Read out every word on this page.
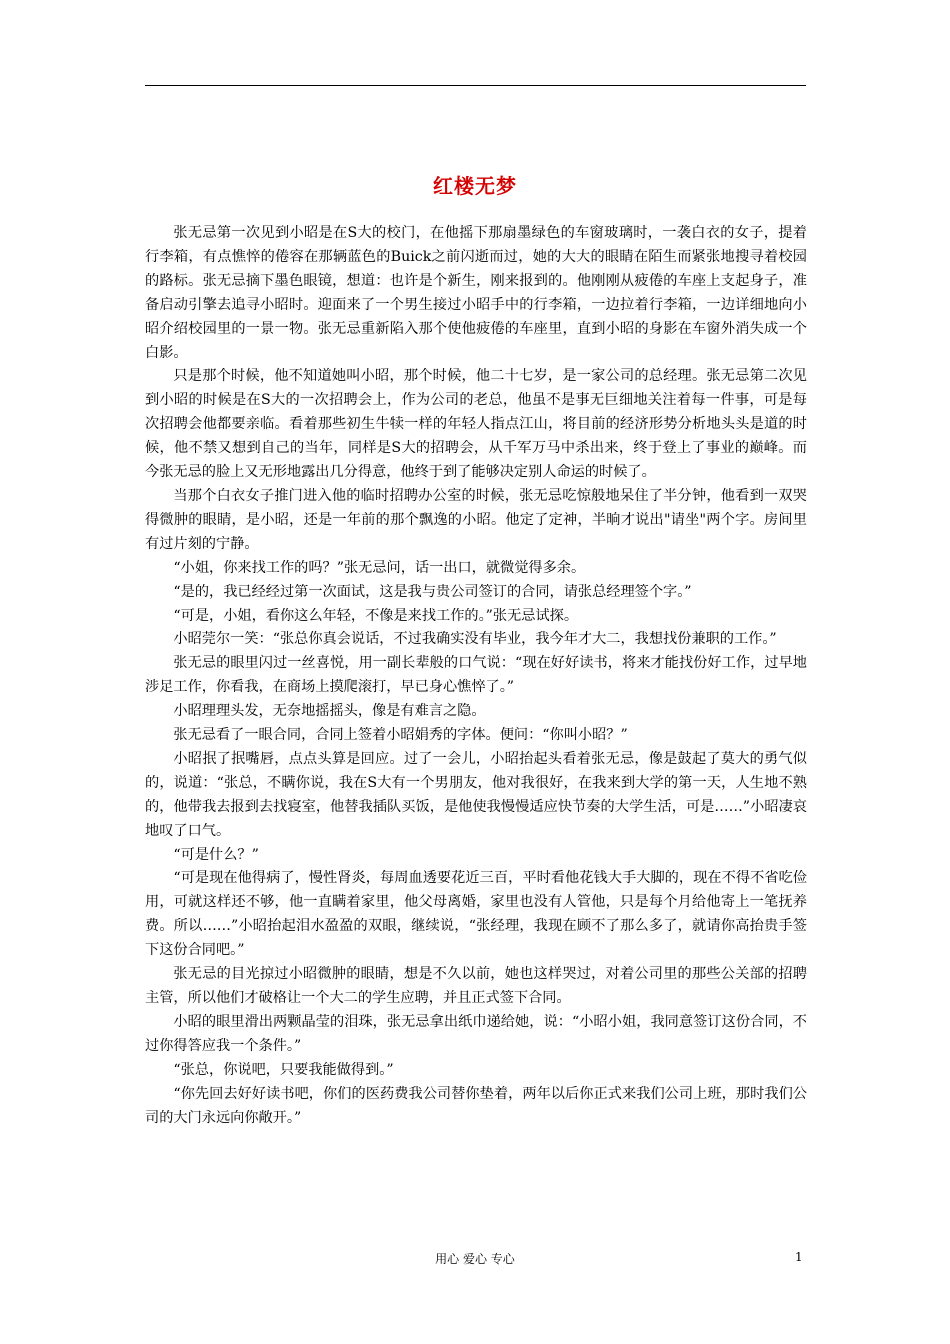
红楼无梦

张无忌第一次见到小昭是在S大的校门，在他摇下那扇墨绿色的车窗玻璃时，一袭白衣的女子，提着行李箱，有点憔悴的倦容在那辆蓝色的Buick之前闪逝而过，她的大大的眼睛在陌生而紧张地搜寻着校园的路标。张无忌摘下墨色眼镜，想道：也许是个新生，刚来报到的。他刚刚从疲倦的车座上支起身子，准备启动引擎去追寻小昭时。迎面来了一个男生接过小昭手中的行李箱，一边拉着行李箱，一边详细地向小昭介绍校园里的一景一物。张无忌重新陷入那个使他疲倦的车座里，直到小昭的身影在车窗外消失成一个白影。

只是那个时候，他不知道她叫小昭，那个时候，他二十七岁，是一家公司的总经理。张无忌第二次见到小昭的时候是在S大的一次招聘会上，作为公司的老总，他虽不是事无巨细地关注着每一件事，可是每次招聘会他都要亲临。看着那些初生牛犊一样的年轻人指点江山，将目前的经济形势分析地头头是道的时候，他不禁又想到自己的当年，同样是S大的招聘会，从千军万马中杀出来，终于登上了事业的巅峰。而今张无忌的脸上又无形地露出几分得意，他终于到了能够决定别人命运的时候了。

当那个白衣女子推门进入他的临时招聘办公室的时候，张无忌吃惊般地呆住了半分钟，他看到一双哭得微肿的眼睛，是小昭，还是一年前的那个飘逸的小昭。他定了定神，半晌才说出"请坐"两个字。房间里有过片刻的宁静。

“小姐，你来找工作的吗？”张无忌问，话一出口，就微觉得多余。

“是的，我已经经过第一次面试，这是我与贵公司签订的合同，请张总经理签个字。”

“可是，小姐，看你这么年轻，不像是来找工作的。”张无忌试探。

小昭莞尔一笑：“张总你真会说话，不过我确实没有毕业，我今年才大二，我想找份兼职的工作。”

张无忌的眼里闪过一丝喜悦，用一副长辈般的口气说：“现在好好读书，将来才能找份好工作，过早地涉足工作，你看我，在商场上摸爬滚打，早已身心憔悴了。”

小昭理理头发，无奈地摇摇头，像是有难言之隐。

张无忌看了一眼合同，合同上签着小昭娟秀的字体。便问：“你叫小昭？”

小昭抿了抿嘴唇，点点头算是回应。过了一会儿，小昭抬起头看着张无忌，像是鼓起了莫大的勇气似的，说道：“张总，不瞒你说，我在S大有一个男朋友，他对我很好，在我来到大学的第一天，人生地不熟的，他带我去报到去找寝室，他替我插队买饭，是他使我慢慢适应快节奏的大学生活，可是……”小昭凄哀地叹了口气。

“可是什么？”

“可是现在他得病了，慢性肾炎，每周血透要花近三百，平时看他花钱大手大脚的，现在不得不省吃俭用，可就这样还不够，他一直瞒着家里，他父母离婚，家里也没有人管他，只是每个月给他寄上一笔抚养费。所以……”小昭抬起泪水盈盈的双眼，继续说，“张经理，我现在顾不了那么多了，就请你高抬贵手签下这份合同吧。”

张无忌的目光掠过小昭微肿的眼睛，想是不久以前，她也这样哭过，对着公司里的那些公关部的招聘主管，所以他们才破格让一个大二的学生应聘，并且正式签下合同。

小昭的眼里滑出两颗晶莹的泪珠，张无忌拿出纸巾递给她，说：“小昭小姐，我同意签订这份合同，不过你得答应我一个条件。”

“张总，你说吧，只要我能做得到。”

“你先回去好好读书吧，你们的医药费我公司替你垫着，两年以后你正式来我们公司上班，那时我们公司的大门永远向你敞开。”

用心 爱心 专心	1
